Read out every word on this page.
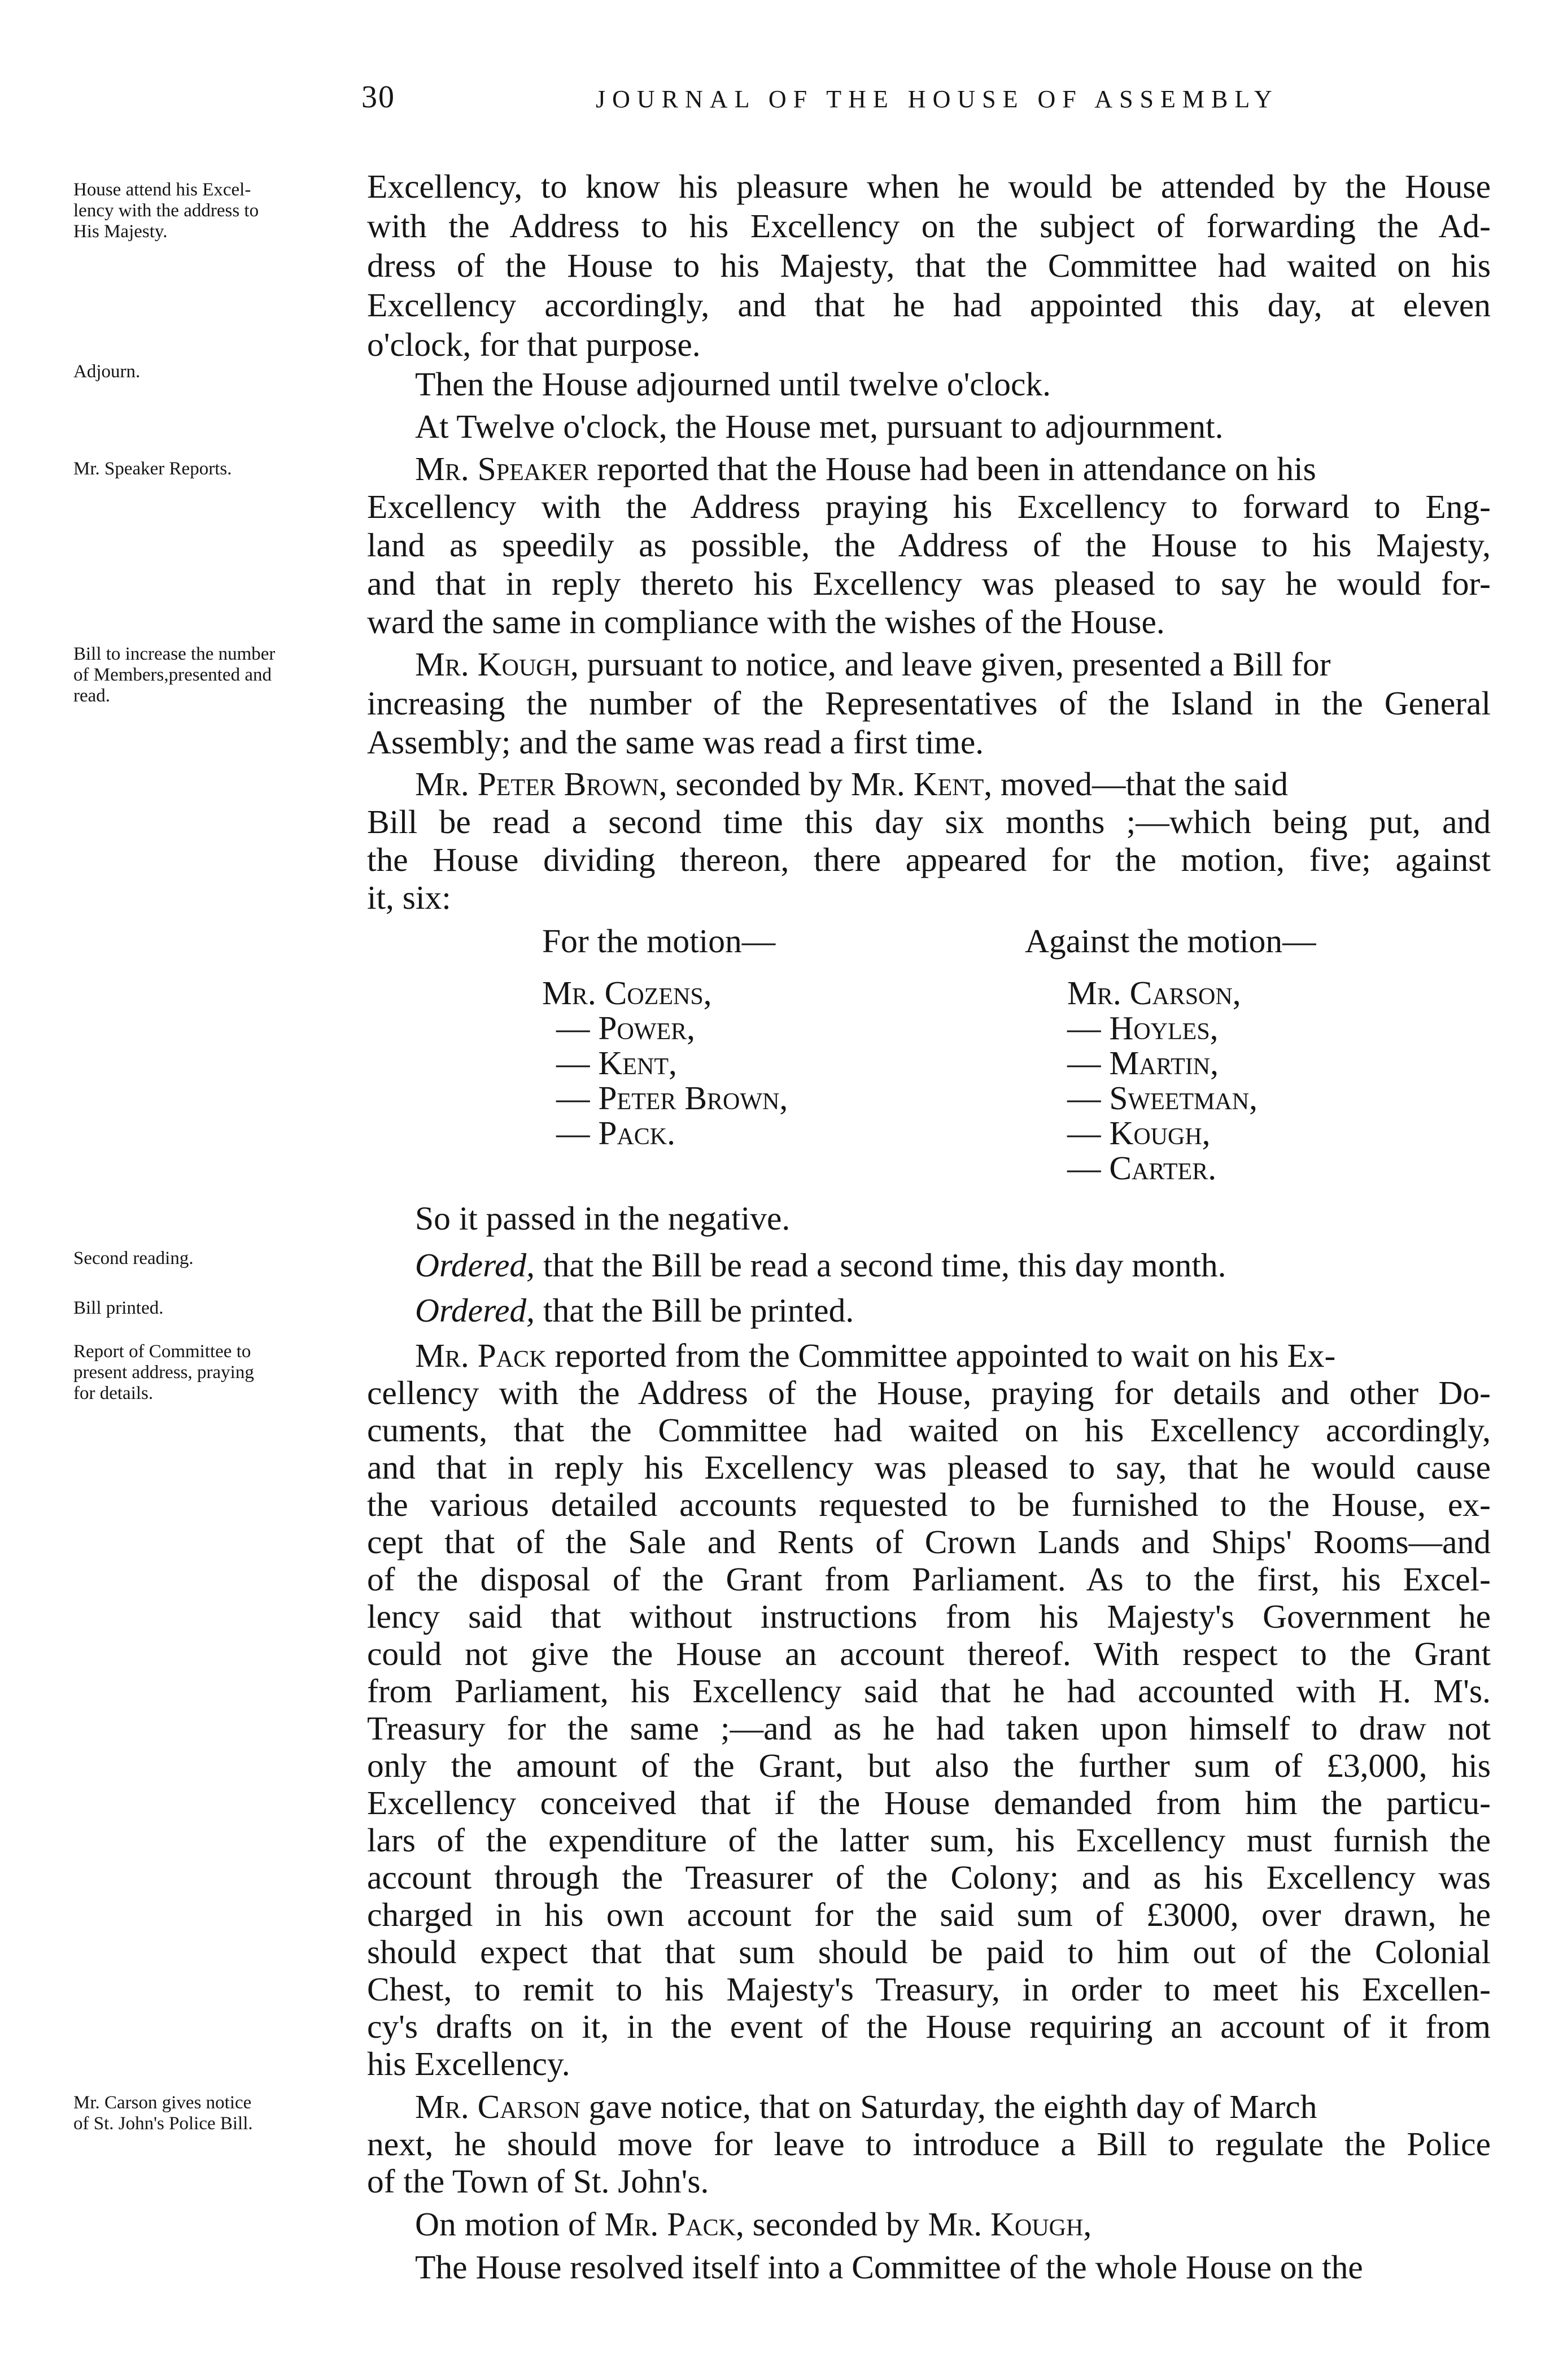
30	JOURNAL OF THE HOUSE OF ASSEMBLY
House attend his Excel-
lency with the address to
His Majesty.
Adjourn.
Mr. Speaker Reports.
Bill to increase the number
of Members,presented and
read.
Second reading.
Bill printed.
Report of Committee to
present address, praying
for details.
Mr. Carson gives notice
of St. John's Police Bill.
Excellency, to know his pleasure when he would be attended by the House
with the Address to his Excellency on the subject of forwarding the Ad-
dress of the House to his Majesty, that the Committee had waited on his
Excellency accordingly, and that he had appointed this day, at eleven
o'clock, for that purpose.
Then the House adjourned until twelve o'clock.
At Twelve o'clock, the House met, pursuant to adjournment.
Mr. Speaker reported that the House had been in attendance on his
Excellency with the Address praying his Excellency to forward to Eng-
land as speedily as possible, the Address of the House to his Majesty,
and that in reply thereto his Excellency was pleased to say he would for-
ward the same in compliance with the wishes of the House.
Mr. Kough, pursuant to notice, and leave given, presented a Bill for
increasing the number of the Representatives of the Island in the General
Assembly; and the same was read a first time.
Mr. Peter Brown, seconded by Mr. Kent, moved—that the said
Bill be read a second time this day six months ;—which being put, and
the House dividing thereon, there appeared for the motion, five; against
it, six:
For the motion—
Mr. Cozens,
— Power,
— Kent,
— Peter Brown,
— Pack.
Against the motion—
Mr. Carson,
— Hoyles,
— Martin,
— Sweetman,
— Kough,
— Carter.
So it passed in the negative.
Ordered, that the Bill be read a second time, this day month.
Ordered, that the Bill be printed.
Mr. Pack reported from the Committee appointed to wait on his Ex-
cellency with the Address of the House, praying for details and other Do-
cuments, that the Committee had waited on his Excellency accordingly,
and that in reply his Excellency was pleased to say, that he would cause
the various detailed accounts requested to be furnished to the House, ex-
cept that of the Sale and Rents of Crown Lands and Ships' Rooms—and
of the disposal of the Grant from Parliament. As to the first, his Excel-
lency said that without instructions from his Majesty's Government he
could not give the House an account thereof. With respect to the Grant
from Parliament, his Excellency said that he had accounted with H. M's.
Treasury for the same ;—and as he had taken upon himself to draw not
only the amount of the Grant, but also the further sum of £3,000, his
Excellency conceived that if the House demanded from him the particu-
lars of the expenditure of the latter sum, his Excellency must furnish the
account through the Treasurer of the Colony; and as his Excellency was
charged in his own account for the said sum of £3000, over drawn, he
should expect that that sum should be paid to him out of the Colonial
Chest, to remit to his Majesty's Treasury, in order to meet his Excellen-
cy's drafts on it, in the event of the House requiring an account of it from
his Excellency.
Mr. Carson gave notice, that on Saturday, the eighth day of March
next, he should move for leave to introduce a Bill to regulate the Police
of the Town of St. John's.
On motion of Mr. Pack, seconded by Mr. Kough,
The House resolved itself into a Committee of the whole House on the
